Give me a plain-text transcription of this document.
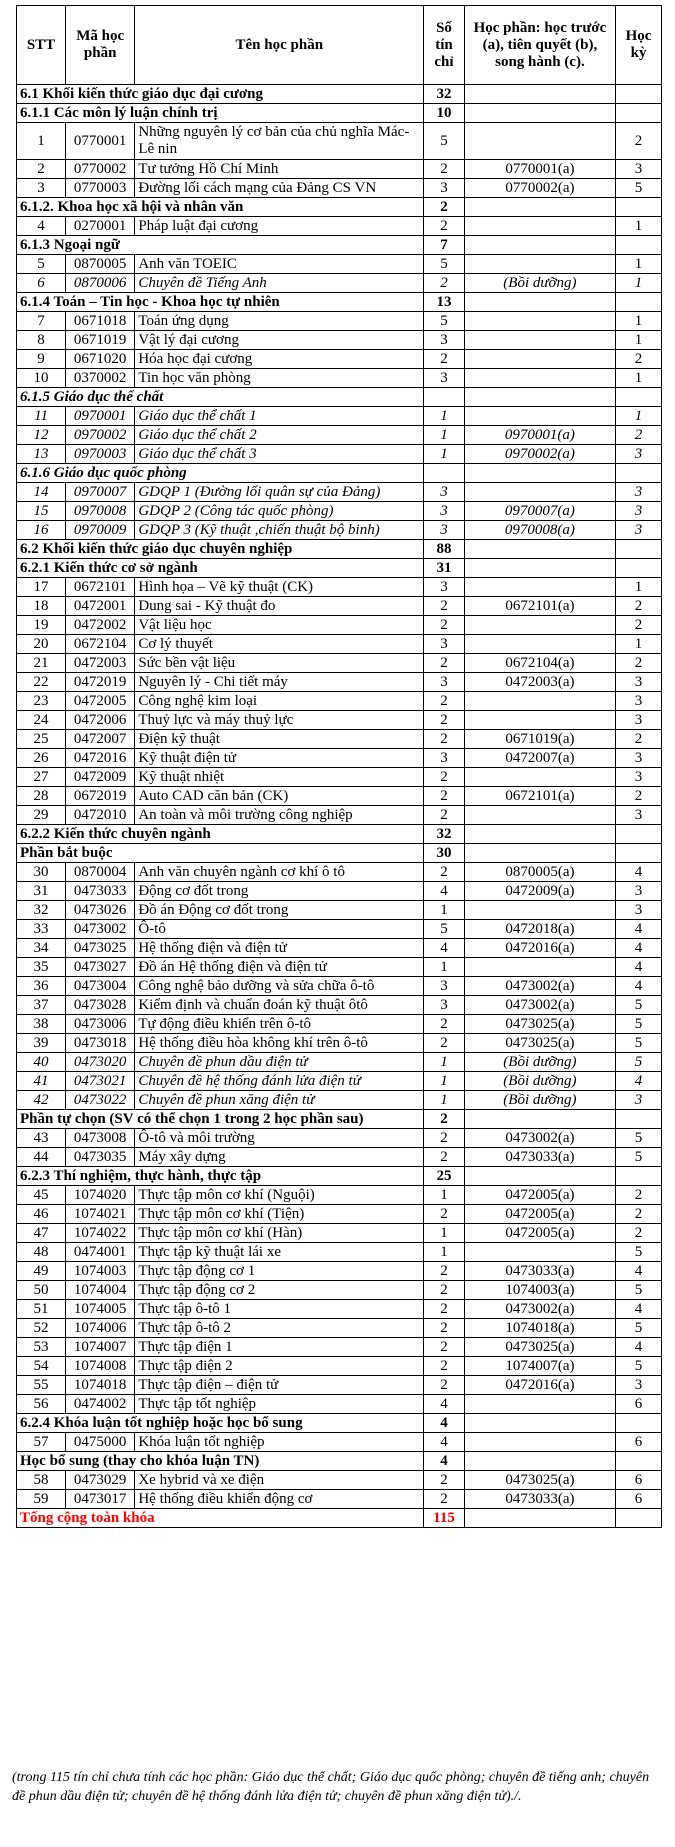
STT	Mã học phần	Tên học phần	Số tín chỉ	Học phần: học trước (a), tiên quyết (b), song hành (c).	Học kỳ
6.1 Khối kiến thức giáo dục đại cương			32		
6.1.1 Các môn lý luận chính trị			10		
1	0770001	Những nguyên lý cơ bản của chủ nghĩa Mác-Lê nin	5		2
2	0770002	Tư tưởng Hồ Chí Minh	2	0770001(a)	3
3	0770003	Đường lối cách mạng của Đảng CS VN	3	0770002(a)	5
6.1.2. Khoa học xã hội và nhân văn			2		
4	0270001	Pháp luật đại cương	2		1
6.1.3 Ngoại ngữ			7		
5	0870005	Anh văn TOEIC	5		1
6	0870006	Chuyên đề Tiếng Anh	2	(Bồi dưỡng)	1
6.1.4 Toán – Tin học - Khoa học tự nhiên			13		
7	0671018	Toán ứng dụng	5		1
8	0671019	Vật lý đại cương	3		1
9	0671020	Hóa học đại cương	2		2
10	0370002	Tin học văn phòng	3		1
6.1.5 Giáo dục thể chất					
11	0970001	Giáo dục thể chất 1	1		1
12	0970002	Giáo dục thể chất 2	1	0970001(a)	2
13	0970003	Giáo dục thể chất 3	1	0970002(a)	3
6.1.6 Giáo dục quốc phòng					
14	0970007	GDQP 1 (Đường lối quân sự của Đảng)	3		3
15	0970008	GDQP 2 (Công tác quốc phòng)	3	0970007(a)	3
16	0970009	GDQP 3 (Kỹ thuật ,chiến thuật bộ binh)	3	0970008(a)	3
6.2 Khối kiến thức giáo dục chuyên nghiệp			88		
6.2.1 Kiến thức cơ sở ngành			31		
17	0672101	Hình họa – Vẽ kỹ thuật (CK)	3		1
18	0472001	Dung sai - Kỹ thuật đo	2	0672101(a)	2
19	0472002	Vật liệu học	2		2
20	0672104	Cơ lý thuyết	3		1
21	0472003	Sức bền vật liệu	2	0672104(a)	2
22	0472019	Nguyên lý - Chi tiết máy	3	0472003(a)	3
23	0472005	Công nghệ kim loại	2		3
24	0472006	Thuỷ lực và máy thuỷ lực	2		3
25	0472007	Điện kỹ thuật	2	0671019(a)	2
26	0472016	Kỹ thuật điện tử	3	0472007(a)	3
27	0472009	Kỹ thuật nhiệt	2		3
28	0672019	Auto CAD căn bản (CK)	2	0672101(a)	2
29	0472010	An toàn và môi trường công nghiệp	2		3
6.2.2 Kiến thức chuyên ngành			32		
Phần bắt buộc			30		
30	0870004	Anh văn chuyên ngành cơ khí ô tô	2	0870005(a)	4
31	0473033	Động cơ đốt trong	4	0472009(a)	3
32	0473026	Đồ án Động cơ đốt trong	1		3
33	0473002	Ô-tô	5	0472018(a)	4
34	0473025	Hệ thống điện và điện tử	4	0472016(a)	4
35	0473027	Đồ án Hệ thống điện và điện tử	1		4
36	0473004	Công nghệ bảo dưỡng và sửa chữa ô-tô	3	0473002(a)	4
37	0473028	Kiểm định và chuẩn đoán kỹ thuật ôtô	3	0473002(a)	5
38	0473006	Tự động điều khiển trên ô-tô	2	0473025(a)	5
39	0473018	Hệ thống điều hòa không khí trên ô-tô	2	0473025(a)	5
40	0473020	Chuyên đề phun dầu điện tử	1	(Bồi dưỡng)	5
41	0473021	Chuyên đề hệ thống đánh lửa điện tử	1	(Bồi dưỡng)	4
42	0473022	Chuyên đề phun xăng điện tử	1	(Bồi dưỡng)	3
Phần tự chọn (SV có thể chọn 1 trong 2 học phần sau)			2		
43	0473008	Ô-tô và môi trường	2	0473002(a)	5
44	0473035	Máy xây dựng	2	0473033(a)	5
6.2.3 Thí nghiệm, thực hành, thực tập			25		
45	1074020	Thực tập môn cơ khí (Nguội)	1	0472005(a)	2
46	1074021	Thực tập môn cơ khí (Tiện)	2	0472005(a)	2
47	1074022	Thực tập môn cơ khí (Hàn)	1	0472005(a)	2
48	0474001	Thực tập kỹ thuật lái xe	1		5
49	1074003	Thực tập động cơ 1	2	0473033(a)	4
50	1074004	Thực tập động cơ 2	2	1074003(a)	5
51	1074005	Thực tập ô-tô 1	2	0473002(a)	4
52	1074006	Thực tập ô-tô 2	2	1074018(a)	5
53	1074007	Thực tập điện 1	2	0473025(a)	4
54	1074008	Thực tập điện 2	2	1074007(a)	5
55	1074018	Thực tập điện – điện tử	2	0472016(a)	3
56	0474002	Thực tập tốt nghiệp	4		6
6.2.4 Khóa luận tốt nghiệp hoặc học bổ sung			4		
57	0475000	Khóa luận tốt nghiệp	4		6
Học bổ sung (thay cho khóa luận TN)			4		
58	0473029	Xe hybrid và xe điện	2	0473025(a)	6
59	0473017	Hệ thống điều khiển động cơ	2	0473033(a)	6
Tổng cộng toàn khóa			115		
(trong 115 tín chỉ chưa tính các học phần: Giáo dục thể chất; Giáo dục quốc phòng; chuyên đề tiếng anh; chuyên đề phun dầu điện tử; chuyên đề hệ thống đánh lửa điện tử; chuyên đề phun xăng điện tử)./.
